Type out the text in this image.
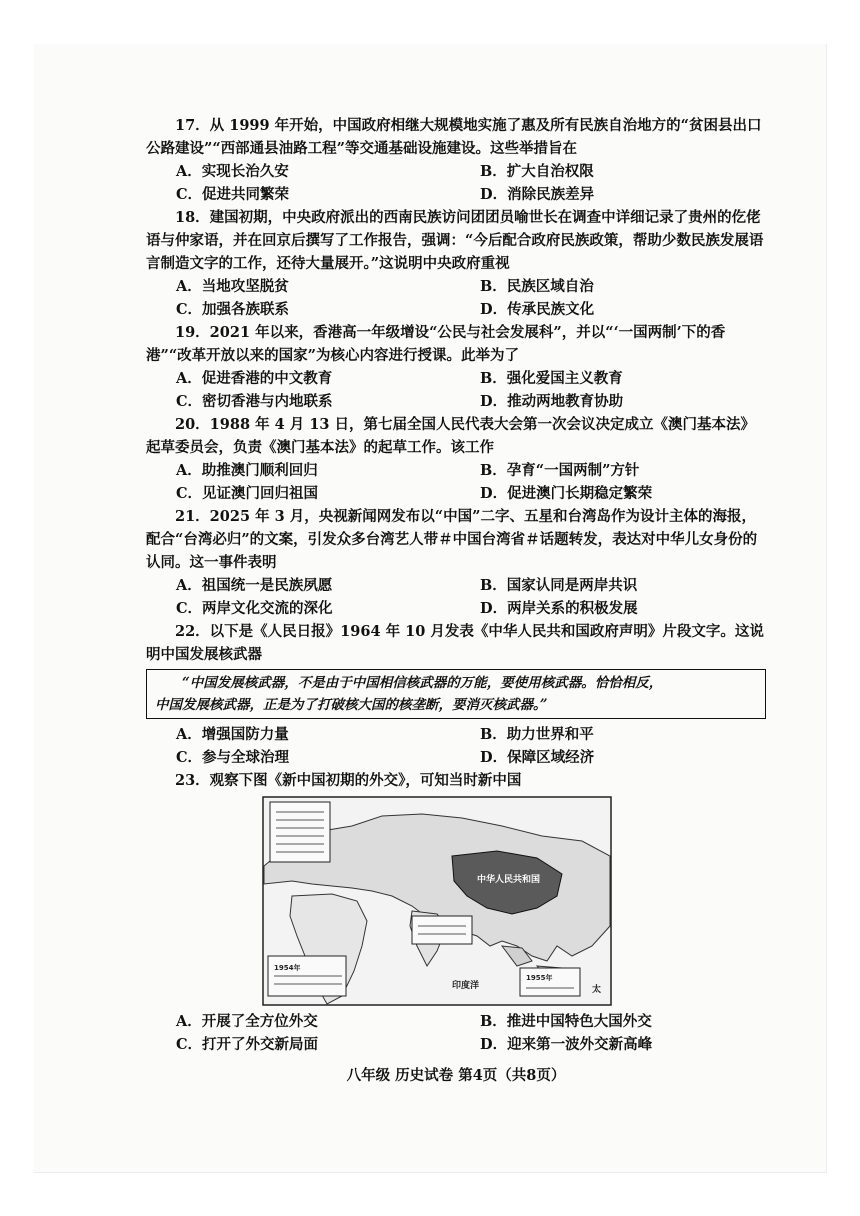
17．从 1999 年开始，中国政府相继大规模地实施了惠及所有民族自治地方的“贫困县出口公路建设”“西部通县油路工程”等交通基础设施建设。这些举措旨在

A．实现长治久安	B．扩大自治权限
C．促进共同繁荣	D．消除民族差异

18．建国初期，中央政府派出的西南民族访问团团员喻世长在调查中详细记录了贵州的仡佬语与仲家语，并在回京后撰写了工作报告，强调：“今后配合政府民族政策，帮助少数民族发展语言制造文字的工作，还待大量展开。”这说明中央政府重视

A．当地攻坚脱贫	B．民族区域自治
C．加强各族联系	D．传承民族文化

19．2021 年以来，香港高一年级增设“公民与社会发展科”，并以“‘一国两制’下的香港”“改革开放以来的国家”为核心内容进行授课。此举为了

A．促进香港的中文教育	B．强化爱国主义教育
C．密切香港与内地联系	D．推动两地教育协助

20．1988 年 4 月 13 日，第七届全国人民代表大会第一次会议决定成立《澳门基本法》起草委员会，负责《澳门基本法》的起草工作。该工作

A．助推澳门顺利回归	B．孕育“一国两制”方针
C．见证澳门回归祖国	D．促进澳门长期稳定繁荣

21．2025 年 3 月，央视新闻网发布以“中国”二字、五星和台湾岛作为设计主体的海报，配合“台湾必归”的文案，引发众多台湾艺人带＃中国台湾省＃话题转发，表达对中华儿女身份的认同。这一事件表明

A．祖国统一是民族夙愿	B．国家认同是两岸共识
C．两岸文化交流的深化	D．两岸关系的积极发展

22．以下是《人民日报》1964 年 10 月发表《中华人民共和国政府声明》片段文字。这说明中国发展核武器

“中国发展核武器，不是由于中国相信核武器的万能，要使用核武器。恰恰相反，
中国发展核武器，正是为了打破核大国的核垄断，要消灭核武器。”
A．增强国防力量	B．助力世界和平
C．参与全球治理	D．保障区域经济

23．观察下图《新中国初期的外交》，可知当时新中国

中华人民共和国
印度洋	太
1954年
1955年
A．开展了全方位外交	B．推进中国特色大国外交
C．打开了外交新局面	D．迎来第一波外交新高峰
八年级 历史试卷 第4页（共8页）
